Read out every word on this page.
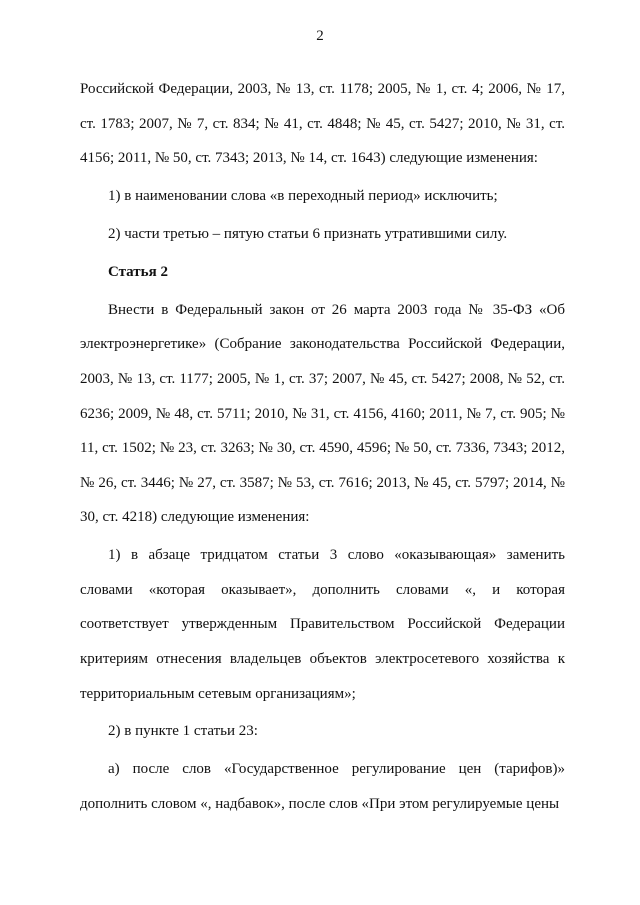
2

Российской Федерации, 2003, № 13, ст. 1178; 2005, № 1, ст. 4; 2006, № 17, ст. 1783; 2007, № 7, ст. 834; № 41, ст. 4848; № 45, ст. 5427; 2010, № 31, ст. 4156; 2011, № 50, ст. 7343; 2013, № 14, ст. 1643) следующие изменения:

1) в наименовании слова «в переходный период» исключить;

2) части третью – пятую статьи 6 признать утратившими силу.

Статья 2

Внести в Федеральный закон от 26 марта 2003 года № 35-ФЗ «Об электроэнергетике» (Собрание законодательства Российской Федерации, 2003, № 13, ст. 1177; 2005, № 1, ст. 37; 2007, № 45, ст. 5427; 2008, № 52, ст. 6236; 2009, № 48, ст. 5711; 2010, № 31, ст. 4156, 4160; 2011, № 7, ст. 905; № 11, ст. 1502; № 23, ст. 3263; № 30, ст. 4590, 4596; № 50, ст. 7336, 7343; 2012, № 26, ст. 3446; № 27, ст. 3587; № 53, ст. 7616; 2013, № 45, ст. 5797; 2014, № 30, ст. 4218) следующие изменения:

1) в абзаце тридцатом статьи 3 слово «оказывающая» заменить словами «которая оказывает», дополнить словами «, и которая соответствует утвержденным Правительством Российской Федерации критериям отнесения владельцев объектов электросетевого хозяйства к территориальным сетевым организациям»;

2) в пункте 1 статьи 23:

а) после слов «Государственное регулирование цен (тарифов)» дополнить словом «, надбавок», после слов «При этом регулируемые цены
